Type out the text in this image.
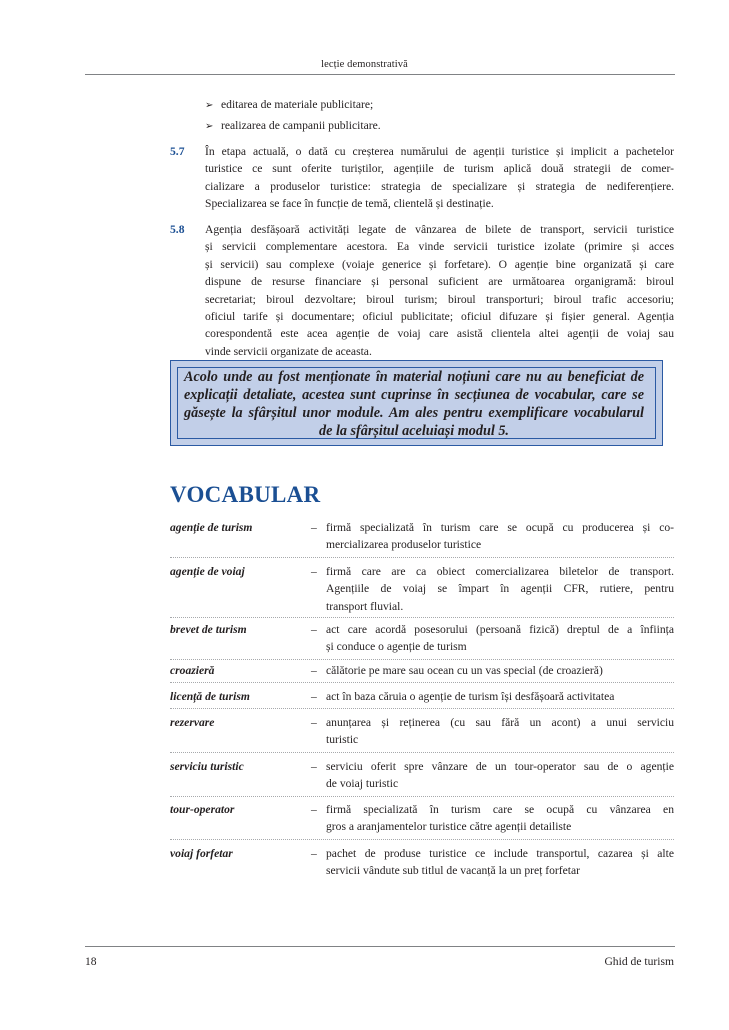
lecție demonstrativă
➢ editarea de materiale publicitare;
➢ realizarea de campanii publicitare.
5.7 În etapa actuală, o dată cu creșterea numărului de agenții turistice și implicit a pachetelor
turistice ce sunt oferite turiștilor, agențiile de turism aplică două strategii de comer-
cializare a produselor turistice: strategia de specializare și strategia de nediferențiere.
Specializarea se face în funcție de temă, clientelă și destinație.
5.8 Agenția desfășoară activități legate de vânzarea de bilete de transport, servicii turistice
și servicii complementare acestora. Ea vinde servicii turistice izolate (primire și acces
și servicii) sau complexe (voiaje generice și forfetare). O agenție bine organizată și care
dispune de resurse financiare și personal suficient are următoarea organigramă: biroul
secretariat; biroul dezvoltare; biroul turism; biroul transporturi; biroul trafic accesoriu;
oficiul tarife și documentare; oficiul publicitate; oficiul difuzare și fișier general. Agenția
corespondentă este acea agenție de voiaj care asistă clientela altei agenții de voiaj sau
vinde servicii organizate de aceasta.
Acolo unde au fost menționate în material noțiuni care nu au beneficiat de
explicații detaliate, acestea sunt cuprinse în secțiunea de vocabular, care se
găsește la sfârșitul unor module. Am ales pentru exemplificare vocabularul
de la sfârșitul aceluiași modul 5.
VOCABULAR
agenție de turism	– firmă specializată în turism care se ocupă cu producerea și co-
mercializarea produselor turistice
agenție de voiaj	– firmă care are ca obiect comercializarea biletelor de transport.
Agențiile de voiaj se împart în agenții CFR, rutiere, pentru
transport fluvial.
brevet de turism	– act care acordă posesorului (persoană fizică) dreptul de a înființa
și conduce o agenție de turism
croazieră	– călătorie pe mare sau ocean cu un vas special (de croazieră)
licență de turism	– act în baza căruia o agenție de turism își desfășoară activitatea
rezervare	– anunțarea și reținerea (cu sau fără un acont) a unui serviciu
turistic
serviciu turistic	– serviciu oferit spre vânzare de un tour-operator sau de o agenție
de voiaj turistic
tour-operator	– firmă specializată în turism care se ocupă cu vânzarea en
gros a aranjamentelor turistice către agenții detailiste
voiaj forfetar	– pachet de produse turistice ce include transportul, cazarea și alte
servicii vândute sub titlul de vacanță la un preț forfetar
18	Ghid de turism
